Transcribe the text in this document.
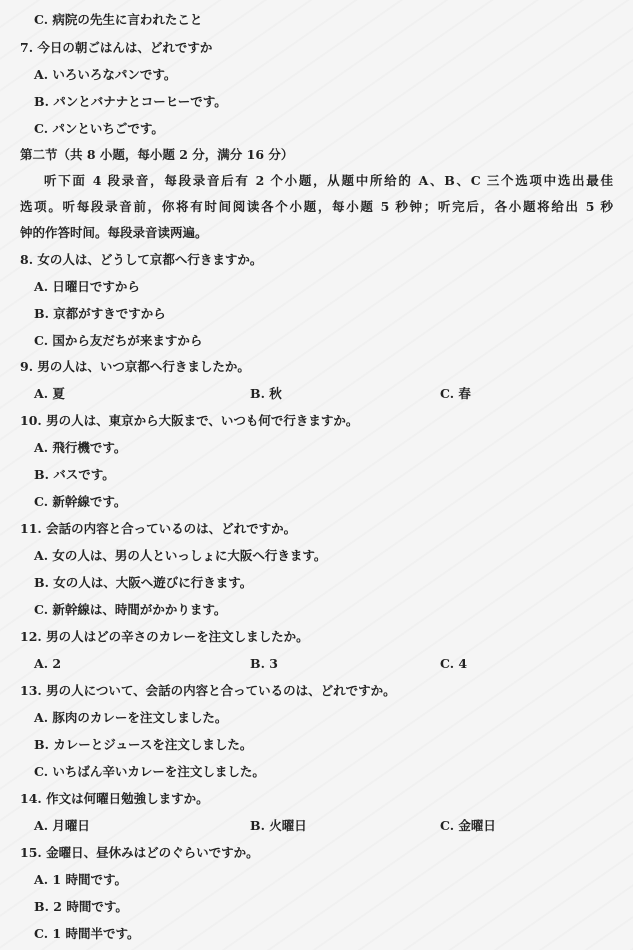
C. 病院の先生に言われたこと
7. 今日の朝ごはんは、どれですか
A. いろいろなパンです。
B. パンとバナナとコーヒーです。
C. パンといちごです。
第二节（共 8 小题，每小题 2 分，满分 16 分）
听下面 4 段录音，每段录音后有 2 个小题，从题中所给的 A、B、C 三个选项中选出最佳
选项。听每段录音前，你将有时间阅读各个小题，每小题 5 秒钟；听完后，各小题将给出 5 秒
钟的作答时间。每段录音读两遍。
8. 女の人は、どうして京都へ行きますか。
A. 日曜日ですから
B. 京都がすきですから
C. 国から友だちが来ますから
9. 男の人は、いつ京都へ行きましたか。
A. 夏	B. 秋	C. 春
10. 男の人は、東京から大阪まで、いつも何で行きますか。
A. 飛行機です。
B. バスです。
C. 新幹線です。
11. 会話の内容と合っているのは、どれですか。
A. 女の人は、男の人といっしょに大阪へ行きます。
B. 女の人は、大阪へ遊びに行きます。
C. 新幹線は、時間がかかります。
12. 男の人はどの辛さのカレーを注文しましたか。
A. 2	B. 3	C. 4
13. 男の人について、会話の内容と合っているのは、どれですか。
A. 豚肉のカレーを注文しました。
B. カレーとジュースを注文しました。
C. いちばん辛いカレーを注文しました。
14. 作文は何曜日勉強しますか。
A. 月曜日	B. 火曜日	C. 金曜日
15. 金曜日、昼休みはどのぐらいですか。
A. 1 時間です。
B. 2 時間です。
C. 1 時間半です。
